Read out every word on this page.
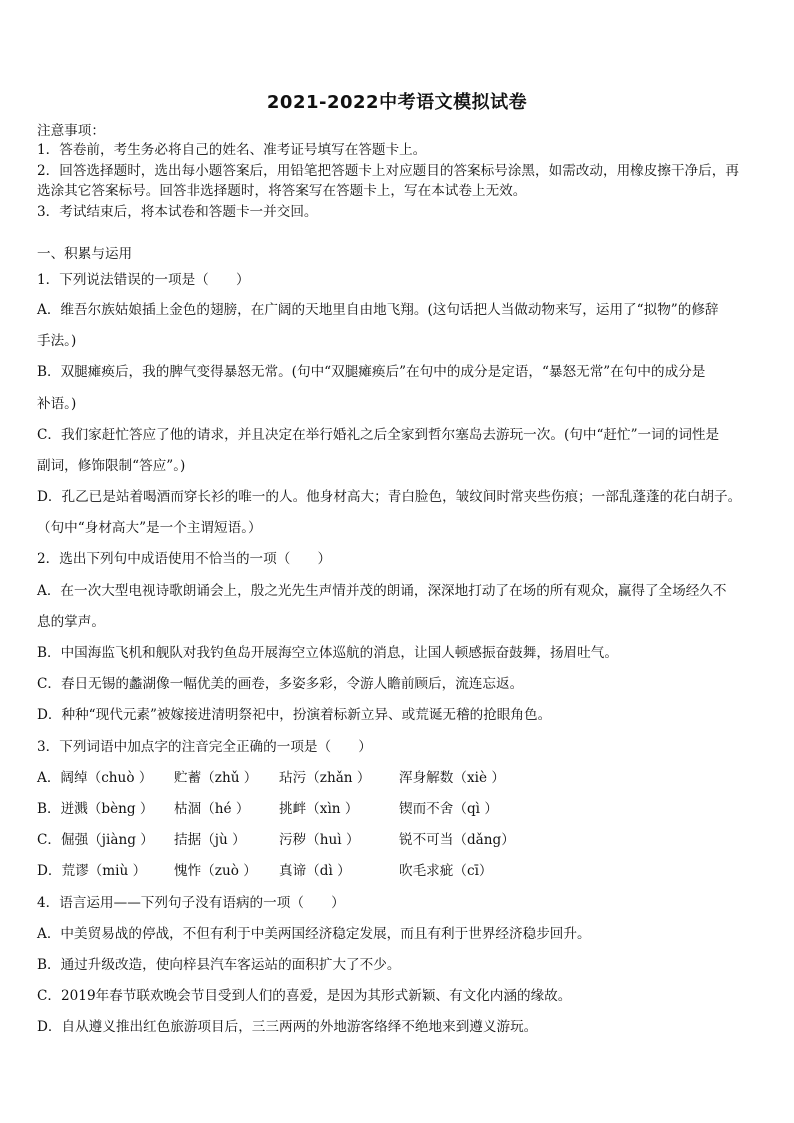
2021-2022中考语文模拟试卷
注意事项：
1．答卷前，考生务必将自己的姓名、准考证号填写在答题卡上。
2．回答选择题时，选出每小题答案后，用铅笔把答题卡上对应题目的答案标号涂黑，如需改动，用橡皮擦干净后，再
选涂其它答案标号。回答非选择题时，将答案写在答题卡上，写在本试卷上无效。
3．考试结束后，将本试卷和答题卡一并交回。
一、积累与运用
1．下列说法错误的一项是（　　）
A．维吾尔族姑娘插上金色的翅膀，在广阔的天地里自由地飞翔。(这句话把人当做动物来写，运用了“拟物”的修辞
手法。)
B．双腿瘫痪后，我的脾气变得暴怒无常。(句中“双腿瘫痪后”在句中的成分是定语，“暴怒无常”在句中的成分是
补语。)
C．我们家赶忙答应了他的请求，并且决定在举行婚礼之后全家到哲尔塞岛去游玩一次。(句中“赶忙”一词的词性是
副词，修饰限制“答应”。)
D．孔乙已是站着喝酒而穿长衫的唯一的人。他身材高大；青白脸色，皱纹间时常夹些伤痕；一部乱蓬蓬的花白胡子。
（句中“身材高大”是一个主谓短语。）
2．选出下列句中成语使用不恰当的一项（　　）
A．在一次大型电视诗歌朗诵会上，殷之光先生声情并茂的朗诵，深深地打动了在场的所有观众，赢得了全场经久不
息的掌声。
B．中国海监飞机和舰队对我钓鱼岛开展海空立体巡航的消息，让国人顿感振奋鼓舞，扬眉吐气。
C．春日无锡的蠡湖像一幅优美的画卷，多姿多彩，令游人瞻前顾后，流连忘返。
D．种种“现代元素”被嫁接进清明祭祀中，扮演着标新立异、或荒诞无稽的抢眼角色。
3．下列词语中加点字的注音完全正确的一项是（　　）
A．阔绰（chuò ） 贮蓄（zhǔ ） 玷污（zhǎn ） 浑身解数（xiè ）
B．迸溅（bèng ） 枯涸（hé ） 挑衅（xìn ）	锲而不舍（qì ）
C．倔强（jiàng ） 拮据（jù ） 污秽（huì ）	锐不可当（dǎng）
D．荒谬（miù ） 愧怍（zuò ） 真谛（dì ）	吹毛求疵（cī）
4．语言运用——下列句子没有语病的一项（　　）
A．中美贸易战的停战，不但有利于中美两国经济稳定发展，而且有利于世界经济稳步回升。
B．通过升级改造，使向梓县汽车客运站的面积扩大了不少。
C．2019年春节联欢晚会节目受到人们的喜爱，是因为其形式新颖、有文化内涵的缘故。
D．自从遵义推出红色旅游项目后，三三两两的外地游客络绎不绝地来到遵义游玩。
